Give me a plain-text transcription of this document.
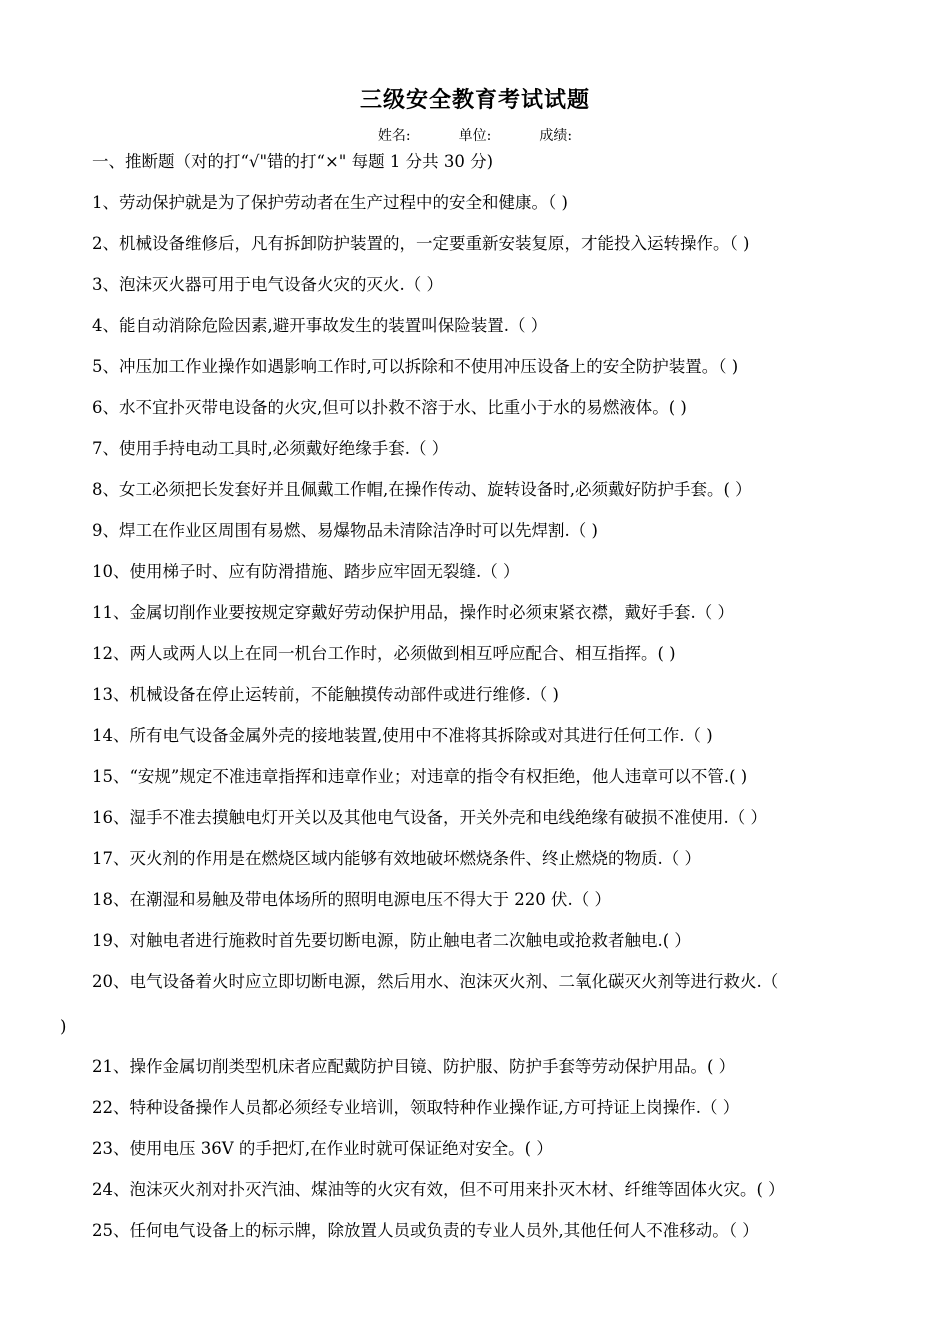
三级安全教育考试试题
姓名:	单位:	成绩:
一、推断题（对的打“√"错的打“×" 每题 1 分共 30 分)
1、劳动保护就是为了保护劳动者在生产过程中的安全和健康。（ )
2、机械设备维修后，凡有拆卸防护装置的，一定要重新安装复原，才能投入运转操作。（ )
3、泡沫灭火器可用于电气设备火灾的灭火.（ ）
4、能自动消除危险因素,避开事故发生的装置叫保险装置.（ ）
5、冲压加工作业操作如遇影响工作时,可以拆除和不使用冲压设备上的安全防护装置。（ )
6、水不宜扑灭带电设备的火灾,但可以扑救不溶于水、比重小于水的易燃液体。( )
7、使用手持电动工具时,必须戴好绝缘手套.（ ）
8、女工必须把长发套好并且佩戴工作帽,在操作传动、旋转设备时,必须戴好防护手套。( ）
9、焊工在作业区周围有易燃、易爆物品未清除洁净时可以先焊割.（ )
10、使用梯子时、应有防滑措施、踏步应牢固无裂缝.（ ）
11、金属切削作业要按规定穿戴好劳动保护用品，操作时必须束紧衣襟，戴好手套.（ ）
12、两人或两人以上在同一机台工作时，必须做到相互呼应配合、相互指挥。( )
13、机械设备在停止运转前，不能触摸传动部件或进行维修.（ )
14、所有电气设备金属外壳的接地装置,使用中不准将其拆除或对其进行任何工作.（ )
15、“安规”规定不准违章指挥和违章作业；对违章的指令有权拒绝，他人违章可以不管.( )
16、湿手不准去摸触电灯开关以及其他电气设备，开关外壳和电线绝缘有破损不准使用.（ ）
17、灭火剂的作用是在燃烧区域内能够有效地破坏燃烧条件、终止燃烧的物质.（ ）
18、在潮湿和易触及带电体场所的照明电源电压不得大于 220 伏.（ ）
19、对触电者进行施救时首先要切断电源，防止触电者二次触电或抢救者触电.( ）
20、电气设备着火时应立即切断电源，然后用水、泡沫灭火剂、二氧化碳灭火剂等进行救火.（
)
21、操作金属切削类型机床者应配戴防护目镜、防护服、防护手套等劳动保护用品。( ）
22、特种设备操作人员都必须经专业培训，领取特种作业操作证,方可持证上岗操作.（ ）
23、使用电压 36V 的手把灯,在作业时就可保证绝对安全。( ）
24、泡沫灭火剂对扑灭汽油、煤油等的火灾有效，但不可用来扑灭木材、纤维等固体火灾。( ）
25、任何电气设备上的标示牌，除放置人员或负责的专业人员外,其他任何人不准移动。（ ）
